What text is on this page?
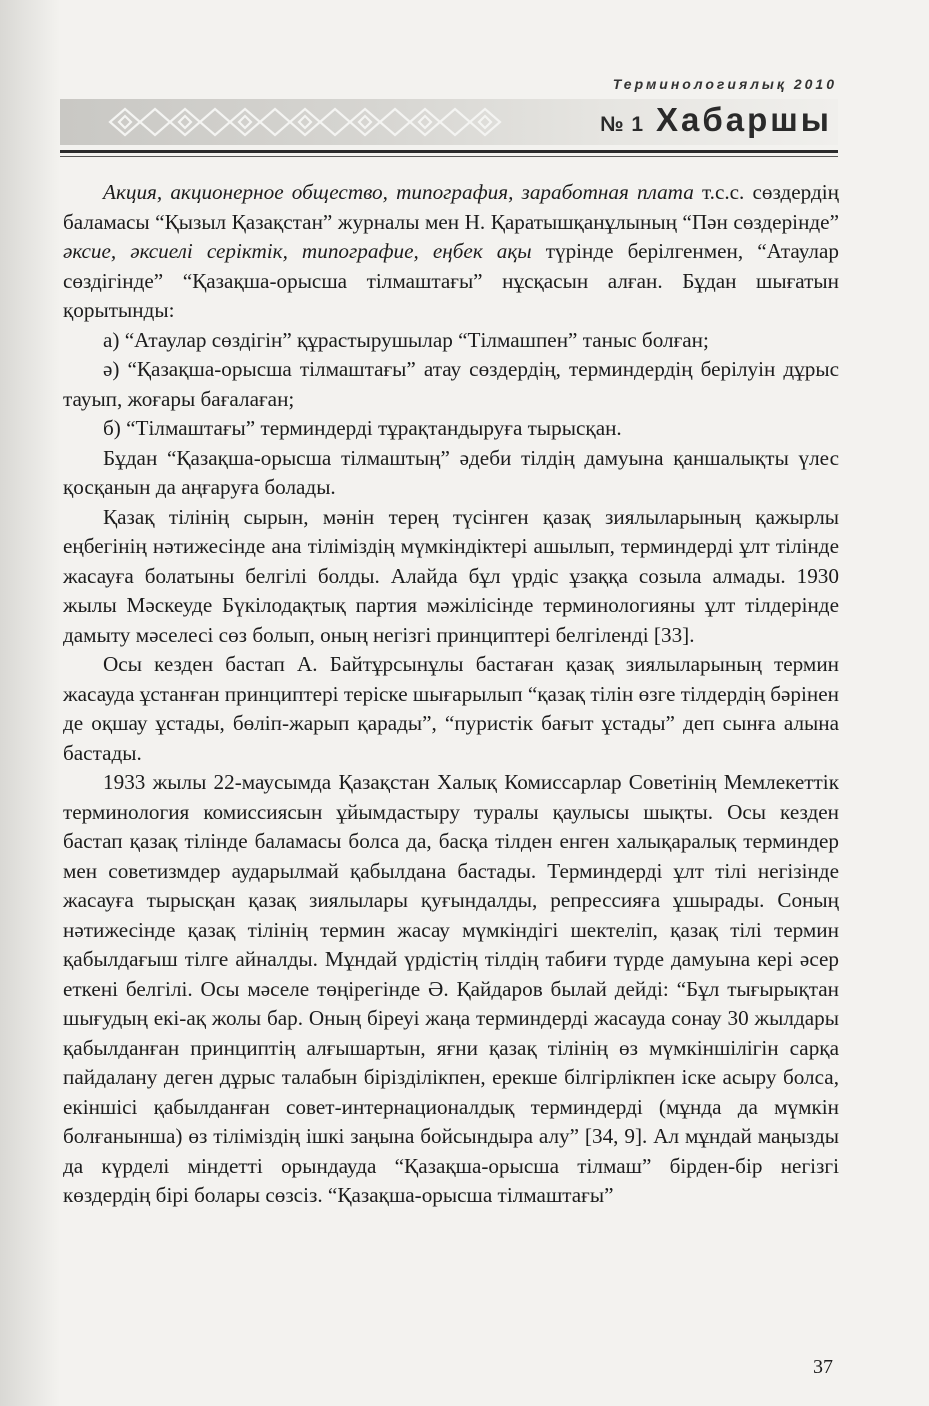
Терминологиялық 2010
№ 1 Хабаршы

Акция, акционерное общество, типография, заработная плата т.с.с. сөздердің баламасы “Қызыл Қазақстан” журналы мен Н. Қаратышқанұлының “Пән сөздерінде” әксие, әксиелі серіктік, типографие, еңбек ақы түрінде берілгенмен, “Атаулар сөздігінде” “Қазақша-орысша тілмаштағы” нұсқасын алған. Бұдан шығатын қорытынды:

а) “Атаулар сөздігін” құрастырушылар “Тілмашпен” таныс болған;

ә) “Қазақша-орысша тілмаштағы” атау сөздердің, терминдердің берілуін дұрыс тауып, жоғары бағалаған;

б) “Тілмаштағы” терминдерді тұрақтандыруға тырысқан.

Бұдан “Қазақша-орысша тілмаштың” әдеби тілдің дамуына қаншалықты үлес қосқанын да аңғаруға болады.

Қазақ тілінің сырын, мәнін терең түсінген қазақ зиялыларының қажырлы еңбегінің нәтижесінде ана тіліміздің мүмкіндіктері ашылып, терминдерді ұлт тілінде жасауға болатыны белгілі болды. Алайда бұл үрдіс ұзаққа созыла алмады. 1930 жылы Мәскеуде Бүкілодақтық партия мәжілісінде терминологияны ұлт тілдерінде дамыту мәселесі сөз болып, оның негізгі принциптері белгіленді [33].

Осы кезден бастап А. Байтұрсынұлы бастаған қазақ зиялыларының термин жасауда ұстанған принциптері теріске шығарылып “қазақ тілін өзге тілдердің бәрінен де оқшау ұстады, бөліп-жарып қарады”, “пуристік бағыт ұстады” деп сынға алына бастады.

1933 жылы 22-маусымда Қазақстан Халық Комиссарлар Советінің Мемлекеттік терминология комиссиясын ұйымдастыру туралы қаулысы шықты. Осы кезден бастап қазақ тілінде баламасы болса да, басқа тілден енген халықаралық терминдер мен советизмдер аударылмай қабылдана бастады. Терминдерді ұлт тілі негізінде жасауға тырысқан қазақ зиялылары қуғындалды, репрессияға ұшырады. Соның нәтижесінде қазақ тілінің термин жасау мүмкіндігі шектеліп, қазақ тілі термин қабылдағыш тілге айналды. Мұндай үрдістің тілдің табиғи түрде дамуына кері әсер еткені белгілі. Осы мәселе төңірегінде Ә. Қайдаров былай дейді: “Бұл тығырықтан шығудың екі-ақ жолы бар. Оның біреуі жаңа терминдерді жасауда сонау 30 жылдары қабылданған принциптің алғышартын, яғни қазақ тілінің өз мүмкіншілігін сарқа пайдалану деген дұрыс талабын бірізділікпен, ерекше білгірлікпен іске асыру болса, екіншісі қабылданған совет-интернационалдық терминдерді (мұнда да мүмкін болғанынша) өз тіліміздің ішкі заңына бойсындыра алу” [34, 9]. Ал мұндай маңызды да күрделі міндетті орындауда “Қазақша-орысша тілмаш” бірден-бір негізгі көздердің бірі болары сөзсіз. “Қазақша-орысша тілмаштағы”

37
